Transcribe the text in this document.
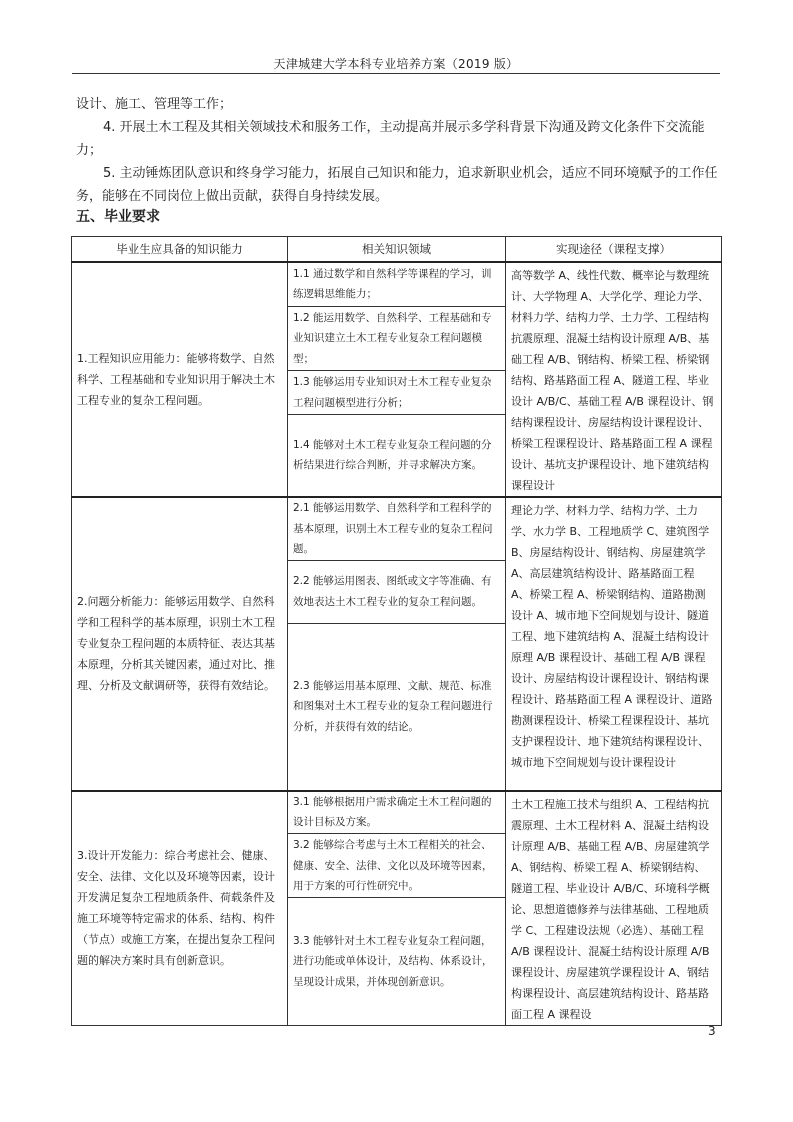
天津城建大学本科专业培养方案（2019 版）

设计、施工、管理等工作；

4. 开展土木工程及其相关领域技术和服务工作，主动提高并展示多学科背景下沟通及跨文化条件下交流能力；

5. 主动锤炼团队意识和终身学习能力，拓展自己知识和能力，追求新职业机会，适应不同环境赋予的工作任务，能够在不同岗位上做出贡献，获得自身持续发展。

五、毕业要求
毕业生应具备的知识能力	相关知识领域	实现途径（课程支撑）
1.工程知识应用能力：能够将数学、自然科学、工程基础和专业知识用于解决土木工程专业的复杂工程问题。	1.1 通过数学和自然科学等课程的学习，训练逻辑思维能力；	高等数学 A、线性代数、概率论与数理统计、大学物理 A、大学化学、理论力学、材料力学、结构力学、土力学、工程结构抗震原理、混凝土结构设计原理 A/B、基础工程 A/B、钢结构、桥梁工程、桥梁钢结构、路基路面工程 A、隧道工程、毕业设计 A/B/C、基础工程 A/B 课程设计、钢结构课程设计、房屋结构设计课程设计、桥梁工程课程设计、路基路面工程 A 课程设计、基坑支护课程设计、地下建筑结构课程设计
	1.2 能运用数学、自然科学、工程基础和专业知识建立土木工程专业复杂工程问题模型；	
	1.3 能够运用专业知识对土木工程专业复杂工程问题模型进行分析；	
	1.4 能够对土木工程专业复杂工程问题的分析结果进行综合判断，并寻求解决方案。	
2.问题分析能力：能够运用数学、自然科学和工程科学的基本原理，识别土木工程专业复杂工程问题的本质特征、表达其基本原理，分析其关键因素，通过对比、推理、分析及文献调研等，获得有效结论。	2.1 能够运用数学、自然科学和工程科学的基本原理，识别土木工程专业的复杂工程问题。	理论力学、材料力学、结构力学、土力学、水力学 B、工程地质学 C、建筑图学 B、房屋结构设计、钢结构、房屋建筑学 A、高层建筑结构设计、路基路面工程 A、桥梁工程 A、桥梁钢结构、道路勘测设计 A、城市地下空间规划与设计、隧道工程、地下建筑结构 A、混凝土结构设计原理 A/B 课程设计、基础工程 A/B 课程设计、房屋结构设计课程设计、钢结构课程设计、路基路面工程 A 课程设计、道路勘测课程设计、桥梁工程课程设计、基坑支护课程设计、地下建筑结构课程设计、城市地下空间规划与设计课程设计
	2.2 能够运用图表、图纸或文字等准确、有效地表达土木工程专业的复杂工程问题。	
	2.3 能够运用基本原理、文献、规范、标准和图集对土木工程专业的复杂工程问题进行分析，并获得有效的结论。	
3.设计开发能力：综合考虑社会、健康、安全、法律、文化以及环境等因素，设计开发满足复杂工程地质条件、荷载条件及施工环境等特定需求的体系、结构、构件（节点）或施工方案，在提出复杂工程问题的解决方案时具有创新意识。	3.1 能够根据用户需求确定土木工程问题的设计目标及方案。	土木工程施工技术与组织 A、工程结构抗震原理、土木工程材料 A、混凝土结构设计原理 A/B、基础工程 A/B、房屋建筑学 A、钢结构、桥梁工程 A、桥梁钢结构、隧道工程、毕业设计 A/B/C、环境科学概论、思想道德修养与法律基础、工程地质学 C、工程建设法规（必选）、基础工程 A/B 课程设计、混凝土结构设计原理 A/B 课程设计、房屋建筑学课程设计 A、钢结构课程设计、高层建筑结构设计、路基路面工程 A 课程设
	3.2 能够综合考虑与土木工程相关的社会、健康、安全、法律、文化以及环境等因素，用于方案的可行性研究中。	
	3.3 能够针对土木工程专业复杂工程问题，进行功能或单体设计，及结构、体系设计，呈现设计成果，并体现创新意识。	
3
